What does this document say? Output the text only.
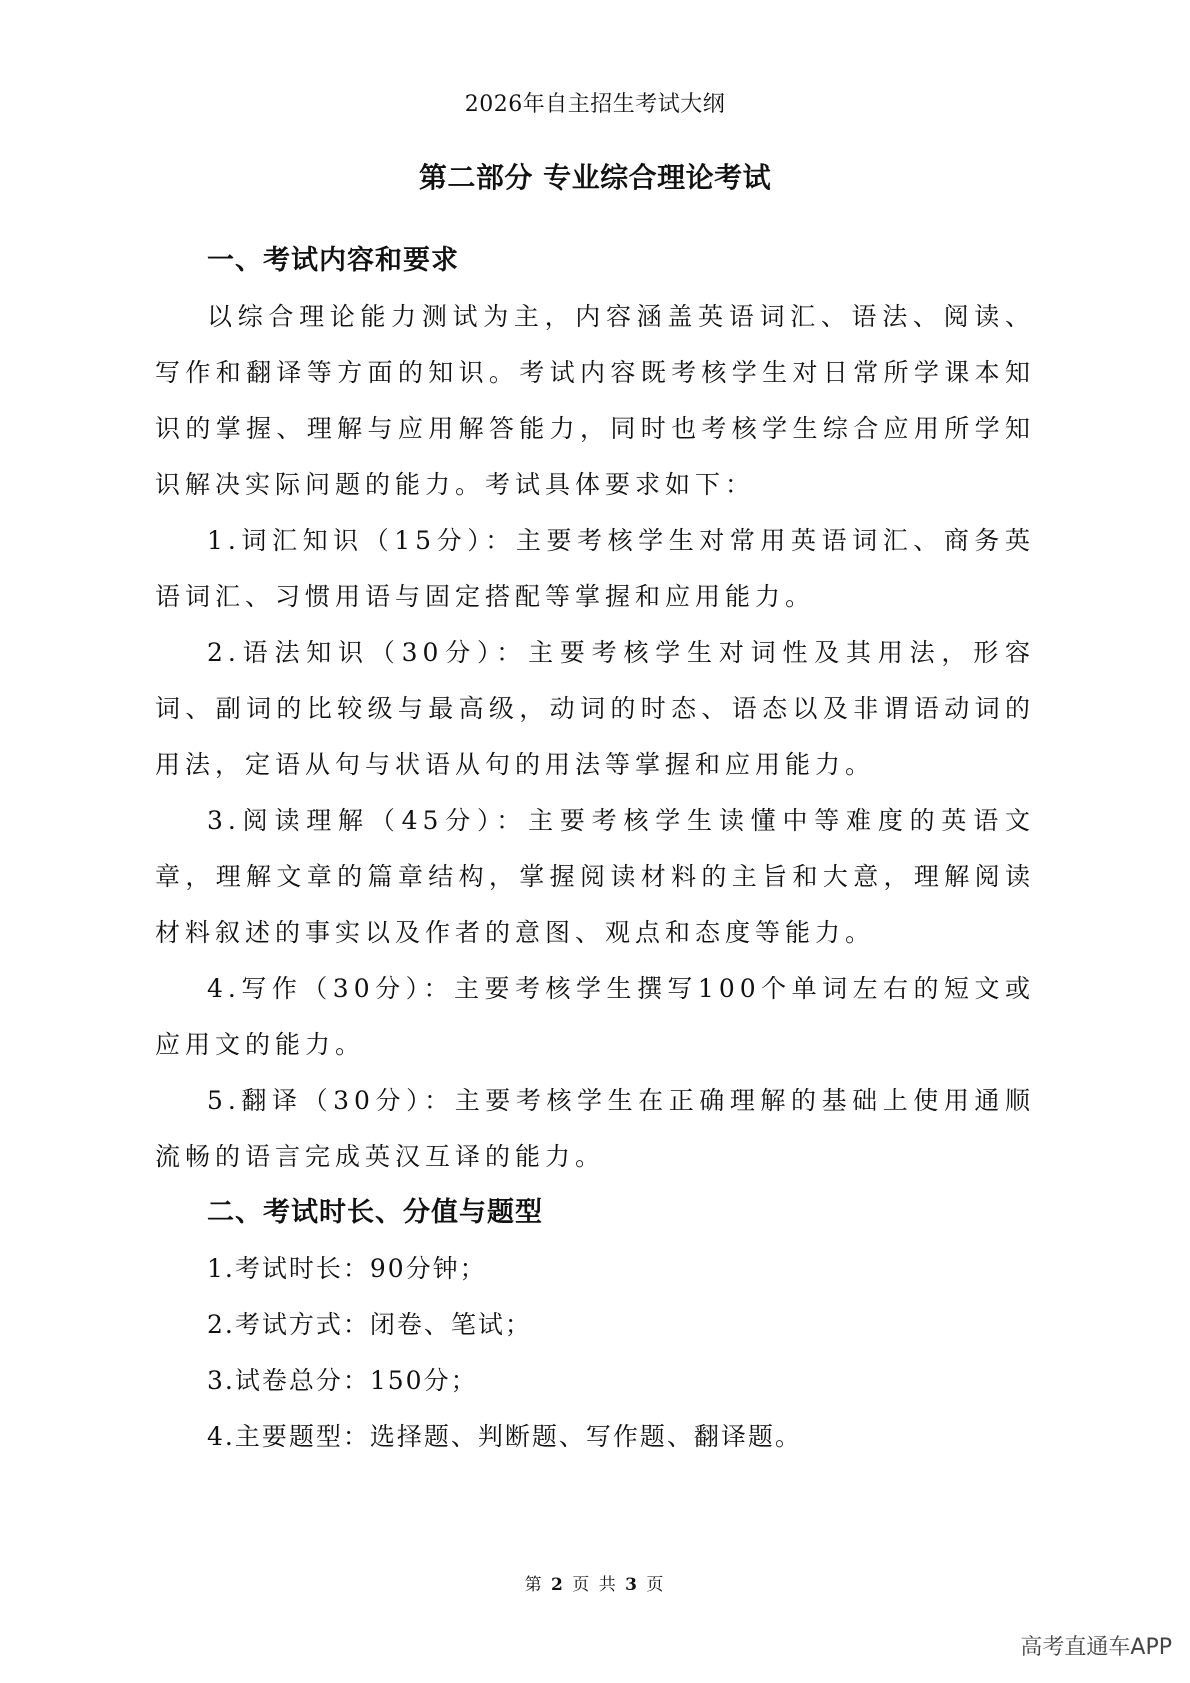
2026年自主招生考试大纲
第二部分 专业综合理论考试
一、考试内容和要求

以综合理论能力测试为主，内容涵盖英语词汇、语法、阅读、写作和翻译等方面的知识。考试内容既考核学生对日常所学课本知识的掌握、理解与应用解答能力，同时也考核学生综合应用所学知识解决实际问题的能力。考试具体要求如下：

1.词汇知识（15分）：主要考核学生对常用英语词汇、商务英语词汇、习惯用语与固定搭配等掌握和应用能力。

2.语法知识（30分）：主要考核学生对词性及其用法，形容词、副词的比较级与最高级，动词的时态、语态以及非谓语动词的用法，定语从句与状语从句的用法等掌握和应用能力。

3.阅读理解（45分）：主要考核学生读懂中等难度的英语文章，理解文章的篇章结构，掌握阅读材料的主旨和大意，理解阅读材料叙述的事实以及作者的意图、观点和态度等能力。

4.写作（30分）：主要考核学生撰写100个单词左右的短文或应用文的能力。

5.翻译（30分）：主要考核学生在正确理解的基础上使用通顺流畅的语言完成英汉互译的能力。

二、考试时长、分值与题型

1.考试时长：90分钟；

2.考试方式：闭卷、笔试；

3.试卷总分：150分；

4.主要题型：选择题、判断题、写作题、翻译题。

第 2 页 共 3 页
高考直通车APP
